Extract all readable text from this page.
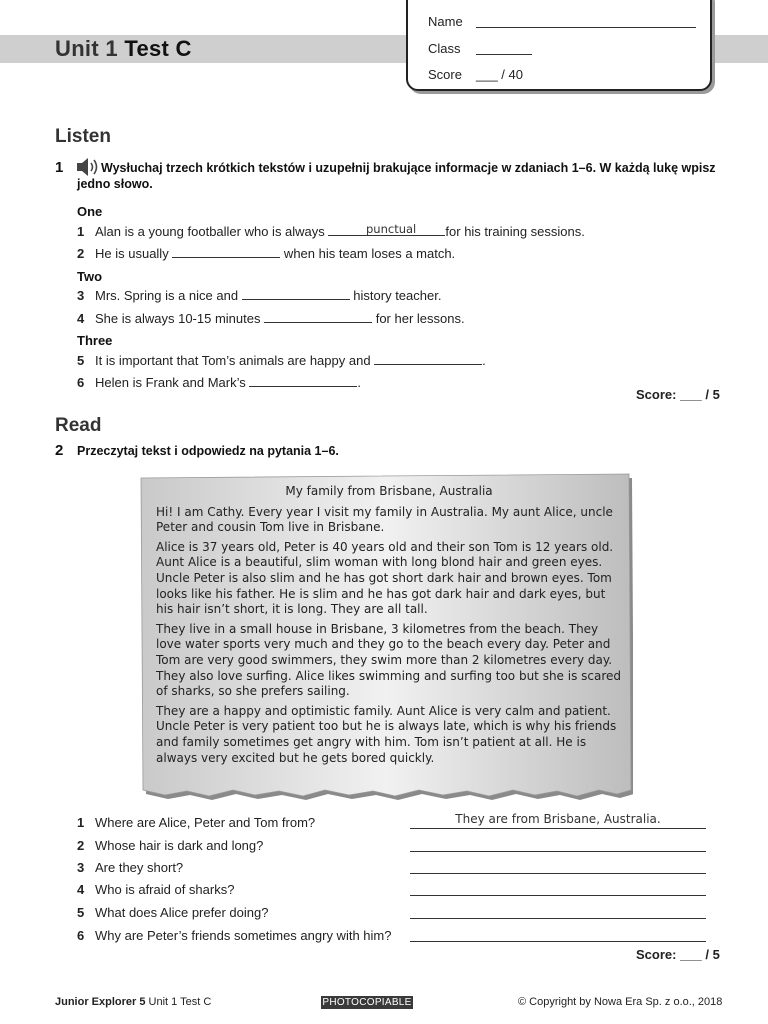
Unit 1 Test C
Name
Class
Score ___ / 40
Listen
1	Wysłuchaj trzech krótkich tekstów i uzupełnij brakujące informacje w zdaniach 1–6. W każdą lukę wpisz jedno słowo.
One
1 Alan is a young footballer who is always	for his training sessions.
punctual
2 He is usually	when his team loses a match.
Two
3 Mrs. Spring is a nice and	history teacher.
4 She is always 10-15 minutes	for her lessons.
Three
5 It is important that Tom’s animals are happy and	.
6 Helen is Frank and Mark’s	.
Score: ___ / 5
Read
2 Przeczytaj tekst i odpowiedz na pytania 1–6.
My family from Brisbane, Australia

Hi! I am Cathy. Every year I visit my family in Australia. My aunt Alice, uncle Peter and cousin Tom live in Brisbane.

Alice is 37 years old, Peter is 40 years old and their son Tom is 12 years old. Aunt Alice is a beautiful, slim woman with long blond hair and green eyes. Uncle Peter is also slim and he has got short dark hair and brown eyes. Tom looks like his father. He is slim and he has got dark hair and dark eyes, but his hair isn’t short, it is long. They are all tall.

They live in a small house in Brisbane, 3 kilometres from the beach. They love water sports very much and they go to the beach every day. Peter and Tom are very good swimmers, they swim more than 2 kilometres every day. They also love surfing. Alice likes swimming and surfing too but she is scared of sharks, so she prefers sailing.

They are a happy and optimistic family. Aunt Alice is very calm and patient. Uncle Peter is very patient too but he is always late, which is why his friends and family sometimes get angry with him. Tom isn’t patient at all. He is always very excited but he gets bored quickly.

1 Where are Alice, Peter and Tom from?	They are from Brisbane, Australia.
2 Whose hair is dark and long?
3 Are they short?
4 Who is afraid of sharks?
5 What does Alice prefer doing?
6 Why are Peter’s friends sometimes angry with him?
Score: ___ / 5
Junior Explorer 5 Unit 1 Test C	PHOTOCOPIABLE	© Copyright by Nowa Era Sp. z o.o., 2018
